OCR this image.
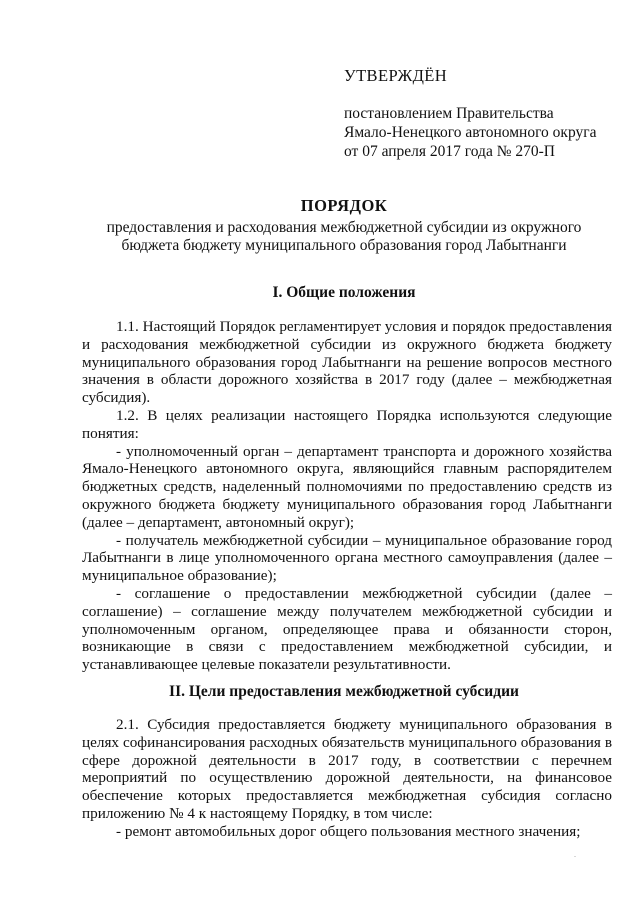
УТВЕРЖДЁН
постановлением Правительства
Ямало-Ненецкого автономного округа
от 07 апреля 2017 года № 270-П
ПОРЯДОК
предоставления и расходования межбюджетной субсидии из окружного
бюджета бюджету муниципального образования город Лабытнанги
I. Общие положения

1.1. Настоящий Порядок регламентирует условия и порядок предоставления и расходования межбюджетной субсидии из окружного бюджета бюджету муниципального образования город Лабытнанги на решение вопросов местного значения в области дорожного хозяйства в 2017 году (далее – межбюджетная субсидия).

1.2. В целях реализации настоящего Порядка используются следующие понятия:

- уполномоченный орган – департамент транспорта и дорожного хозяйства Ямало-Ненецкого автономного округа, являющийся главным распорядителем бюджетных средств, наделенный полномочиями по предоставлению средств из окружного бюджета бюджету муниципального образования город Лабытнанги (далее – департамент, автономный округ);

- получатель межбюджетной субсидии – муниципальное образование город Лабытнанги в лице уполномоченного органа местного самоуправления (далее – муниципальное образование);

- соглашение о предоставлении межбюджетной субсидии (далее – соглашение) – соглашение между получателем межбюджетной субсидии и уполномоченным органом, определяющее права и обязанности сторон, возникающие в связи с предоставлением межбюджетной субсидии, и устанавливающее целевые показатели результативности.

II. Цели предоставления межбюджетной субсидии

2.1. Субсидия предоставляется бюджету муниципального образования в целях софинансирования расходных обязательств муниципального образования в сфере дорожной деятельности в 2017 году, в соответствии с перечнем мероприятий по осуществлению дорожной деятельности, на финансовое обеспечение которых предоставляется межбюджетная субсидия согласно приложению № 4 к настоящему Порядку, в том числе:

- ремонт автомобильных дорог общего пользования местного значения;

.
